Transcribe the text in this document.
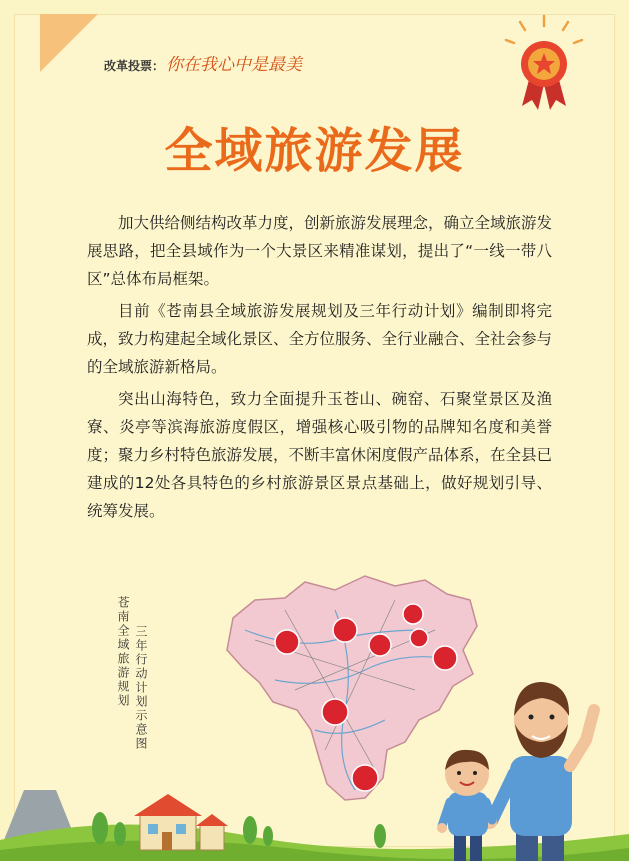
改革投票： 你在我心中是最美
全域旅游发展

加大供给侧结构改革力度，创新旅游发展理念，确立全域旅游发展思路，把全县域作为一个大景区来精准谋划，提出了“一线一带八区”总体布局框架。

目前《苍南县全域旅游发展规划及三年行动计划》编制即将完成，致力构建起全域化景区、全方位服务、全行业融合、全社会参与的全域旅游新格局。

突出山海特色，致力全面提升玉苍山、碗窑、石聚堂景区及渔寮、炎亭等滨海旅游度假区，增强核心吸引物的品牌知名度和美誉度；聚力乡村特色旅游发展，不断丰富休闲度假产品体系，在全县已建成的12处各具特色的乡村旅游景区景点基础上，做好规划引导、统筹发展。

苍南全域旅游规划 三年行动计划示意图
